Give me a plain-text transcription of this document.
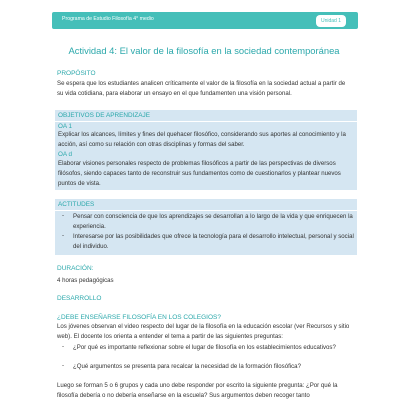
Programa de Estudio Filosofía 4° medio	Unidad 1
Actividad 4: El valor de la filosofía en la sociedad contemporánea
PROPÓSITO
Se espera que los estudiantes analicen críticamente el valor de la filosofía en la sociedad actual a partir de su vida cotidiana, para elaborar un ensayo en el que fundamenten una visión personal.
OBJETIVOS DE APRENDIZAJE
OA 1
Explicar los alcances, límites y fines del quehacer filosófico, considerando sus aportes al conocimiento y la acción, así como su relación con otras disciplinas y formas del saber.
OA d
Elaborar visiones personales respecto de problemas filosóficos a partir de las perspectivas de diversos filósofos, siendo capaces tanto de reconstruir sus fundamentos como de cuestionarlos y plantear nuevos puntos de vista.
ACTITUDES
- Pensar con consciencia de que los aprendizajes se desarrollan a lo largo de la vida y que enriquecen la experiencia.
- Interesarse por las posibilidades que ofrece la tecnología para el desarrollo intelectual, personal y social del individuo.
DURACIÓN:
4 horas pedagógicas
DESARROLLO
¿DEBE ENSEÑARSE FILOSOFÍA EN LOS COLEGIOS?
Los jóvenes observan el video respecto del lugar de la filosofía en la educación escolar (ver Recursos y sitio web). El docente los orienta a entender el tema a partir de las siguientes preguntas:
- ¿Por qué es importante reflexionar sobre el lugar de filosofía en los establecimientos educativos?
- ¿Qué argumentos se presenta para recalcar la necesidad de la formación filosófica?
Luego se forman 5 o 6 grupos y cada uno debe responder por escrito la siguiente pregunta: ¿Por qué la filosofía debería o no debería enseñarse en la escuela? Sus argumentos deben recoger tanto
